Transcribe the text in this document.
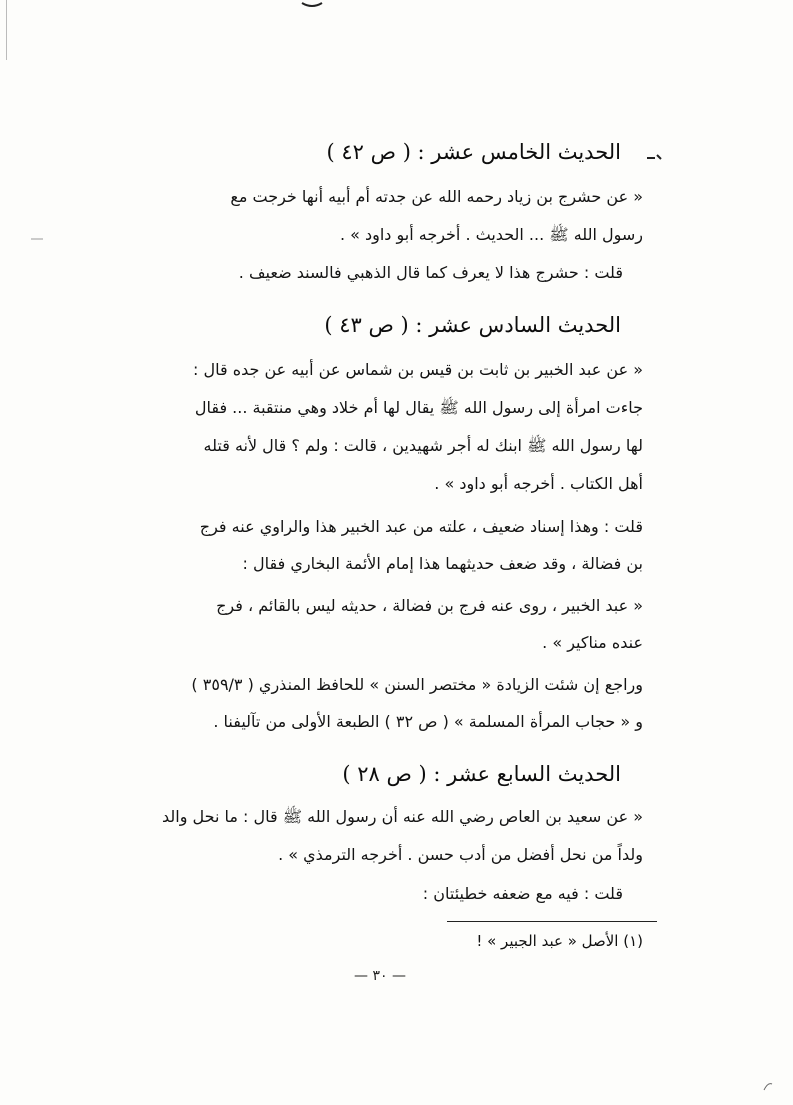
الحديث الخامس عشر : ( ص ٤٢ )
« عن حشرج بن زياد رحمه الله عن جدته أم أبيه أنها خرجت مع
رسول الله ﷺ ... الحديث . أخرجه أبو داود » .
قلت : حشرج هذا لا يعرف كما قال الذهبي فالسند ضعيف .
الحديث السادس عشر : ( ص ٤٣ )
« عن عبد الخبير بن ثابت بن قيس بن شماس عن أبيه عن جده قال :
جاءت امرأة إلى رسول الله ﷺ يقال لها أم خلاد وهي منتقبة ... فقال
لها رسول الله ﷺ ابنك له أجر شهيدين ، قالت : ولم ؟ قال لأنه قتله
أهل الكتاب . أخرجه أبو داود » .
قلت : وهذا إسناد ضعيف ، علته من عبد الخبير هذا والراوي عنه فرج
بن فضالة ، وقد ضعف حديثهما هذا إمام الأئمة البخاري فقال :
« عبد الخبير ، روى عنه فرج بن فضالة ، حديثه ليس بالقائم ، فرج
عنده مناكير » .
وراجع إن شئت الزيادة « مختصر السنن » للحافظ المنذري ( ٣٥٩/٣ )
و « حجاب المرأة المسلمة » ( ص ٣٢ ) الطبعة الأولى من تآليفنا .
الحديث السابع عشر : ( ص ٢٨ )
« عن سعيد بن العاص رضي الله عنه أن رسول الله ﷺ قال : ما نحل والد
ولداً من نحل أفضل من أدب حسن . أخرجه الترمذي » .
قلت : فيه مع ضعفه خطيئتان :
(١) الأصل « عبد الجبير » !
— ٣٠ —
